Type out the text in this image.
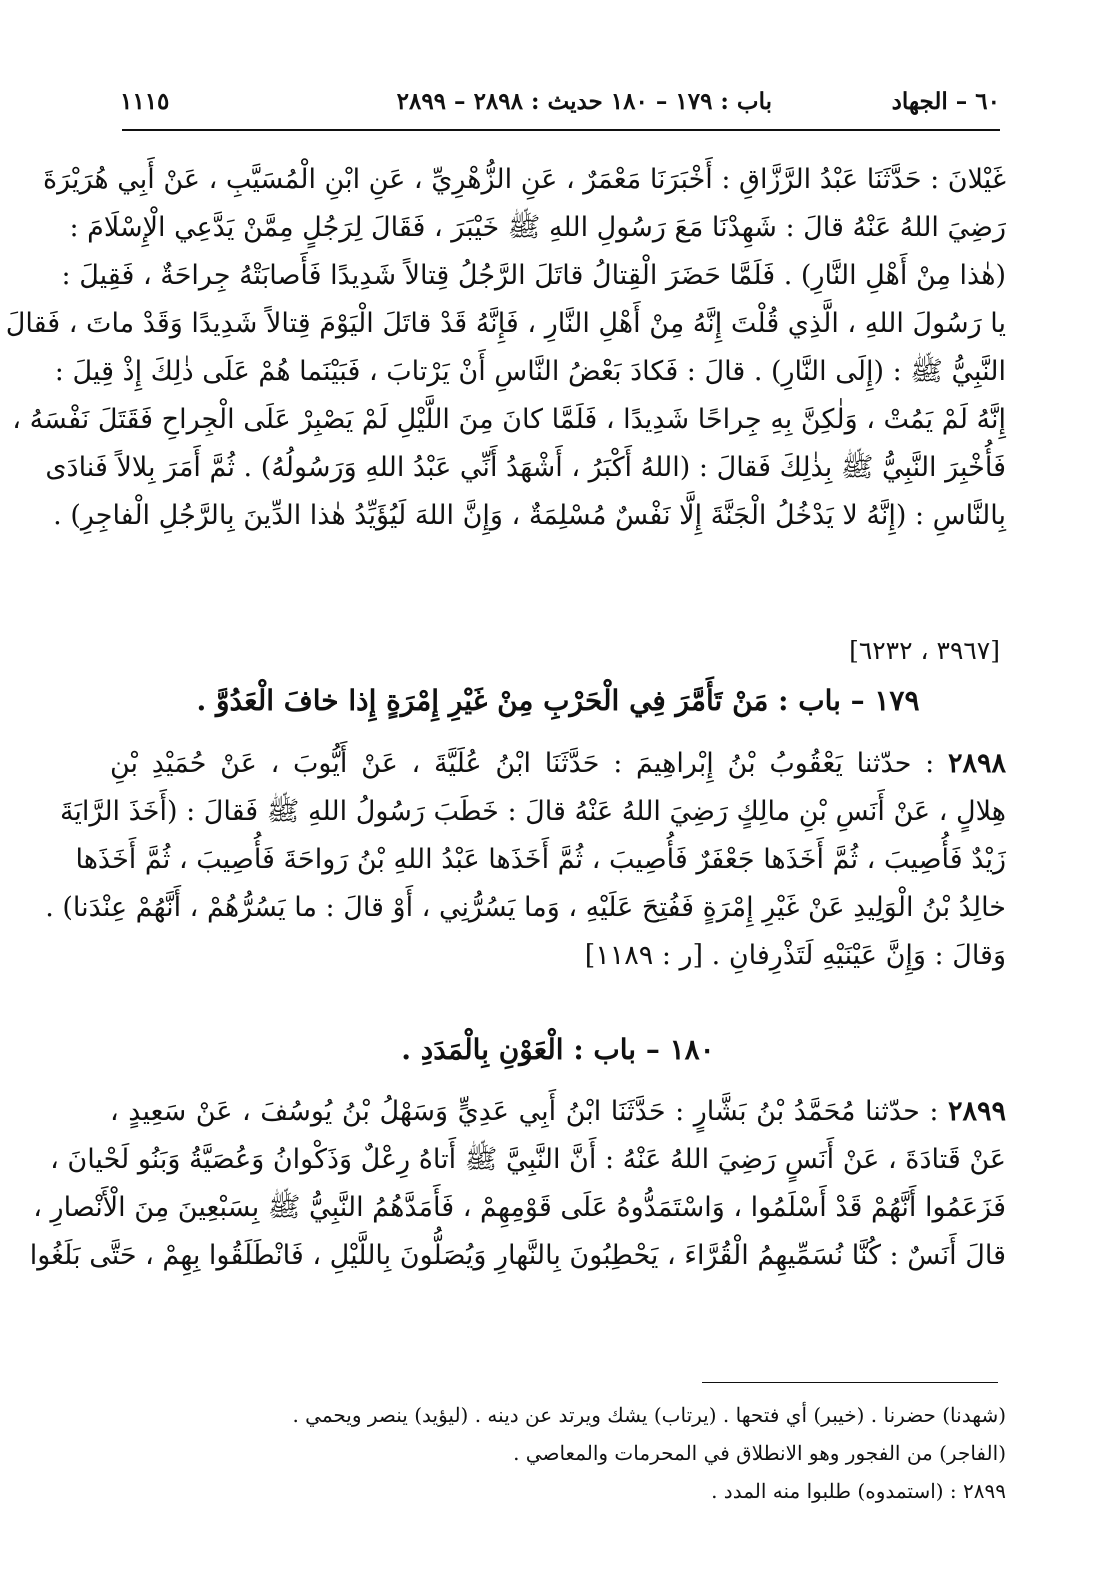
٦٠ – الجهاد
باب : ١٧٩ – ١٨٠ حديث : ٢٨٩٨ – ٢٨٩٩
١١١٥
غَيْلانَ : حَدَّثَنَا عَبْدُ الرَّزَّاقِ : أَخْبَرَنَا مَعْمَرٌ ، عَنِ الزُّهْرِيِّ ، عَنِ ابْنِ الْمُسَيَّبِ ، عَنْ أَبِي هُرَيْرَةَ
رَضِيَ اللهُ عَنْهُ قالَ : شَهِدْنَا مَعَ رَسُولِ اللهِ ﷺ خَيْبَرَ ، فَقَالَ لِرَجُلٍ مِمَّنْ يَدَّعِي الْإِسْلَامَ :
(هٰذا مِنْ أَهْلِ النَّارِ) . فَلَمَّا حَضَرَ الْقِتالُ قاتَلَ الرَّجُلُ قِتالاً شَدِيدًا فَأَصابَتْهُ جِراحَةٌ ، فَقِيلَ :
يا رَسُولَ اللهِ ، الَّذِي قُلْتَ إِنَّهُ مِنْ أَهْلِ النَّارِ ، فَإِنَّهُ قَدْ قاتَلَ الْيَوْمَ قِتالاً شَدِيدًا وَقَدْ ماتَ ، فَقالَ
النَّبِيُّ ﷺ : (إِلَى النَّارِ) . قالَ : فَكادَ بَعْضُ النَّاسِ أَنْ يَرْتابَ ، فَبَيْنَما هُمْ عَلَى ذٰلِكَ إِذْ قِيلَ :
إِنَّهُ لَمْ يَمُتْ ، وَلٰكِنَّ بِهِ جِراحًا شَدِيدًا ، فَلَمَّا كانَ مِنَ اللَّيْلِ لَمْ يَصْبِرْ عَلَى الْجِراحِ فَقَتَلَ نَفْسَهُ ،
فَأُخْبِرَ النَّبِيُّ ﷺ بِذٰلِكَ فَقالَ : (اللهُ أَكْبَرُ ، أَشْهَدُ أَنِّي عَبْدُ اللهِ وَرَسُولُهُ) . ثُمَّ أَمَرَ بِلالاً فَنادَى
بِالنَّاسِ : (إِنَّهُ لا يَدْخُلُ الْجَنَّةَ إِلَّا نَفْسٌ مُسْلِمَةٌ ، وَإِنَّ اللهَ لَيُؤَيِّدُ هٰذا الدِّينَ بِالرَّجُلِ الْفاجِرِ) .
[٣٩٦٧ ، ٦٢٣٢]
١٧٩ – باب : مَنْ تَأَمَّرَ فِي الْحَرْبِ مِنْ غَيْرِ إِمْرَةٍ إِذا خافَ الْعَدُوَّ .
٢٨٩٨ : حدّثنا يَعْقُوبُ بْنُ إِبْراهِيمَ : حَدَّثَنَا ابْنُ عُلَيَّةَ ، عَنْ أَيُّوبَ ، عَنْ حُمَيْدِ بْنِ
هِلالٍ ، عَنْ أَنَسِ بْنِ مالِكٍ رَضِيَ اللهُ عَنْهُ قالَ : خَطَبَ رَسُولُ اللهِ ﷺ فَقالَ : (أَخَذَ الرَّايَةَ
زَيْدٌ فَأُصِيبَ ، ثُمَّ أَخَذَها جَعْفَرٌ فَأُصِيبَ ، ثُمَّ أَخَذَها عَبْدُ اللهِ بْنُ رَواحَةَ فَأُصِيبَ ، ثُمَّ أَخَذَها
خالِدُ بْنُ الْوَلِيدِ عَنْ غَيْرِ إِمْرَةٍ فَفُتِحَ عَلَيْهِ ، وَما يَسُرُّنِي ، أَوْ قالَ : ما يَسُرُّهُمْ ، أَنَّهُمْ عِنْدَنا) .
وَقالَ : وَإِنَّ عَيْنَيْهِ لَتَذْرِفانِ . [ر : ١١٨٩]
١٨٠ – باب : الْعَوْنِ بِالْمَدَدِ .
٢٨٩٩ : حدّثنا مُحَمَّدُ بْنُ بَشَّارٍ : حَدَّثَنَا ابْنُ أَبِي عَدِيٍّ وَسَهْلُ بْنُ يُوسُفَ ، عَنْ سَعِيدٍ ،
عَنْ قَتادَةَ ، عَنْ أَنَسٍ رَضِيَ اللهُ عَنْهُ : أَنَّ النَّبِيَّ ﷺ أَتاهُ رِعْلٌ وَذَكْوانُ وَعُصَيَّةُ وَبَنُو لَحْيانَ ،
فَزَعَمُوا أَنَّهُمْ قَدْ أَسْلَمُوا ، وَاسْتَمَدُّوهُ عَلَى قَوْمِهِمْ ، فَأَمَدَّهُمُ النَّبِيُّ ﷺ بِسَبْعِينَ مِنَ الْأَنْصارِ ،
قالَ أَنَسٌ : كُنَّا نُسَمِّيهِمُ الْقُرَّاءَ ، يَحْطِبُونَ بِالنَّهارِ وَيُصَلُّونَ بِاللَّيْلِ ، فَانْطَلَقُوا بِهِمْ ، حَتَّى بَلَغُوا
(شهدنا) حضرنا . (خيبر) أي فتحها . (يرتاب) يشك ويرتد عن دينه . (ليؤيد) ينصر ويحمي .
(الفاجر) من الفجور وهو الانطلاق في المحرمات والمعاصي .
٢٨٩٩ : (استمدوه) طلبوا منه المدد .
